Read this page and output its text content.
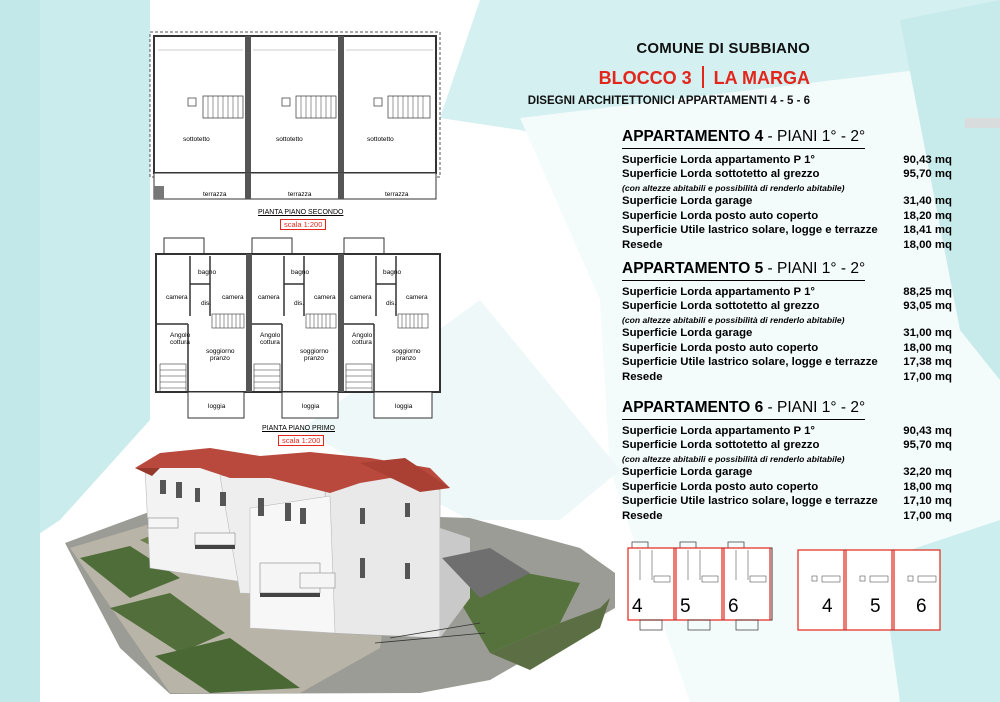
COMUNE DI SUBBIANO
BLOCCO 3 LA MARGA
DISEGNI ARCHITETTONICI APPARTAMENTI 4 - 5 - 6
sottotetto	sottotetto	sottotetto
terrazza	terrazza	terrazza
PIANTA PIANO SECONDO
scala 1:200
bagno	bagno	bagno
camera	camera camera	camera camera	camera
dis.	dis.	dis.
Angolo
cottura
Angolo
cottura
Angolo
cottura
soggiorno
pranzo
soggiorno
pranzo
soggiorno
pranzo
loggia	loggia	loggia
PIANTA PIANO PRIMO
scala 1:200
APPARTAMENTO 4 - PIANI 1° - 2°
Superficie Lorda appartamento P 1°	90,43 mq
Superficie Lorda sottotetto al grezzo	95,70 mq
(con altezze abitabili e possibilità di renderlo abitabile)
Superficie Lorda garage	31,40 mq
Superficie Lorda posto auto coperto	18,20 mq
Superficie Utile lastrico solare, logge e terrazze	18,41 mq
Resede	18,00 mq
APPARTAMENTO 5 - PIANI 1° - 2°
Superficie Lorda appartamento P 1°	88,25 mq
Superficie Lorda sottotetto al grezzo	93,05 mq
(con altezze abitabili e possibilità di renderlo abitabile)
Superficie Lorda garage	31,00 mq
Superficie Lorda posto auto coperto	18,00 mq
Superficie Utile lastrico solare, logge e terrazze	17,38 mq
Resede	17,00 mq
APPARTAMENTO 6 - PIANI 1° - 2°
Superficie Lorda appartamento P 1°	90,43 mq
Superficie Lorda sottotetto al grezzo	95,70 mq
(con altezze abitabili e possibilità di renderlo abitabile)
Superficie Lorda garage	32,20 mq
Superficie Lorda posto auto coperto	18,00 mq
Superficie Utile lastrico solare, logge e terrazze	17,10 mq
Resede	17,00 mq
4 5 6	4 5 6
